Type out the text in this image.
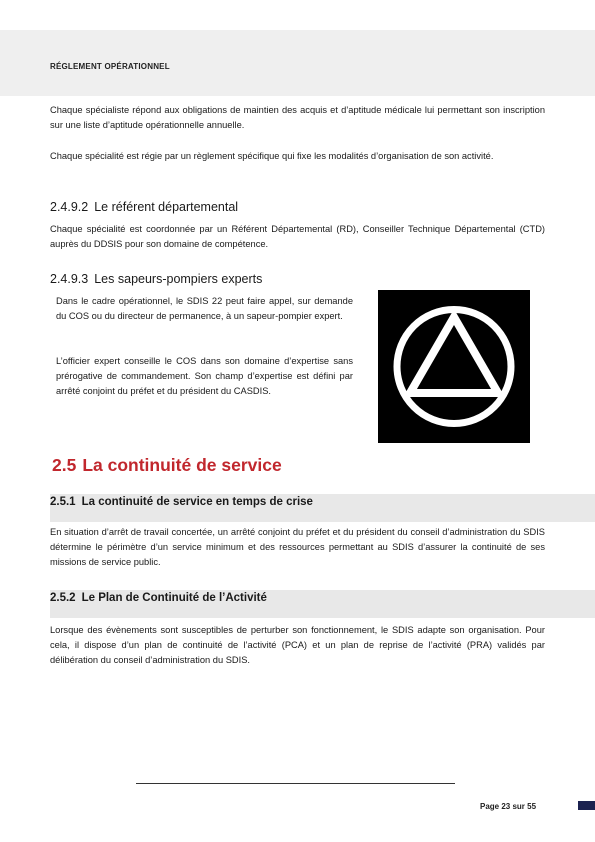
RÉGLEMENT OPÉRATIONNEL

Chaque spécialiste répond aux obligations de maintien des acquis et d’aptitude médicale lui permettant son inscription sur une liste d’aptitude opérationnelle annuelle.

Chaque spécialité est régie par un règlement spécifique qui fixe les modalités d’organisation de son activité.

2.4.9.2 Le référent départemental

Chaque spécialité est coordonnée par un Référent Départemental (RD), Conseiller Technique Départemental (CTD) auprès du DDSIS pour son domaine de compétence.

2.4.9.3 Les sapeurs-pompiers experts

Dans le cadre opérationnel, le SDIS 22 peut faire appel, sur demande du COS ou du directeur de permanence, à un sapeur-pompier expert.

L’officier expert conseille le COS dans son domaine d’expertise sans prérogative de commandement. Son champ d’expertise est défini par arrêté conjoint du préfet et du président du CASDIS.

2.5 La continuité de service
2.5.1 La continuité de service en temps de crise

En situation d’arrêt de travail concertée, un arrêté conjoint du préfet et du président du conseil d’administration du SDIS détermine le périmètre d’un service minimum et des ressources permettant au SDIS d’assurer la continuité de ses missions de service public.

2.5.2 Le Plan de Continuité de l’Activité

Lorsque des évènements sont susceptibles de perturber son fonctionnement, le SDIS adapte son organisation. Pour cela, il dispose d’un plan de continuité de l’activité (PCA) et un plan de reprise de l’activité (PRA) validés par délibération du conseil d’administration du SDIS.

Page 23 sur 55
